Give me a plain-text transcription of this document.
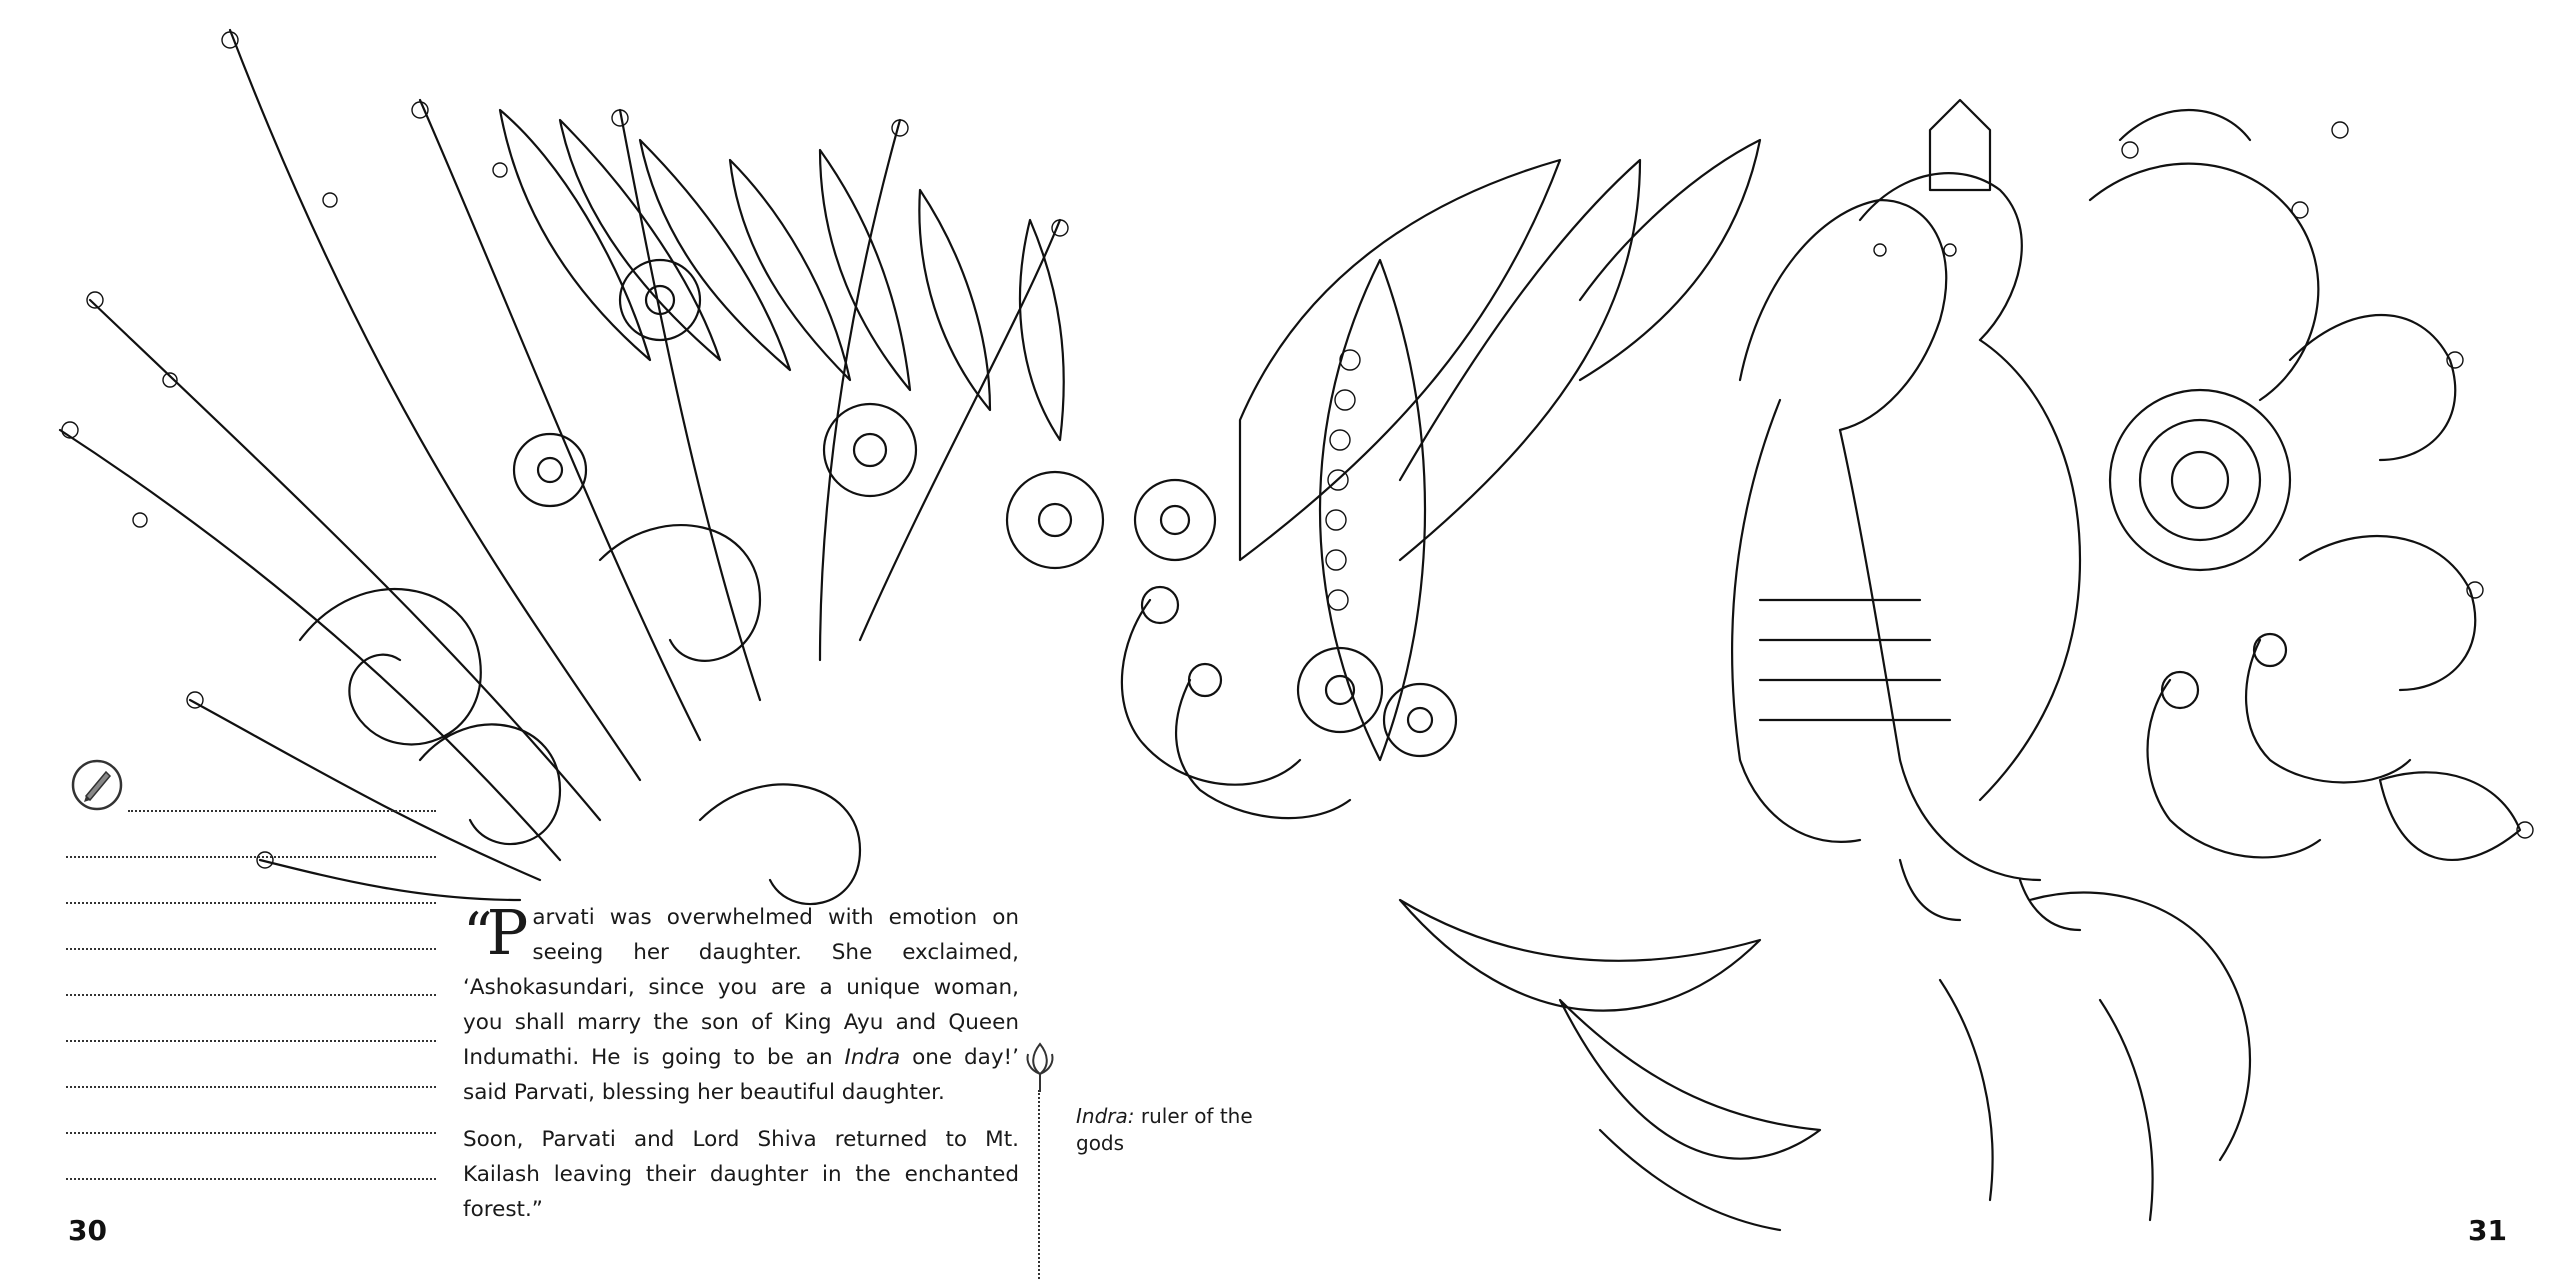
“P arvati was overwhelmed with emotion on seeing her daughter. She exclaimed, ‘Ashokasundari, since you are a unique woman, you shall marry the son of King Ayu and Queen Indumathi. He is going to be an Indra one day!’ said Parvati, blessing her beautiful daughter.

Soon, Parvati and Lord Shiva returned to Mt. Kailash leaving their daughter in the enchanted forest.”

Indra: ruler of the gods
30	31
